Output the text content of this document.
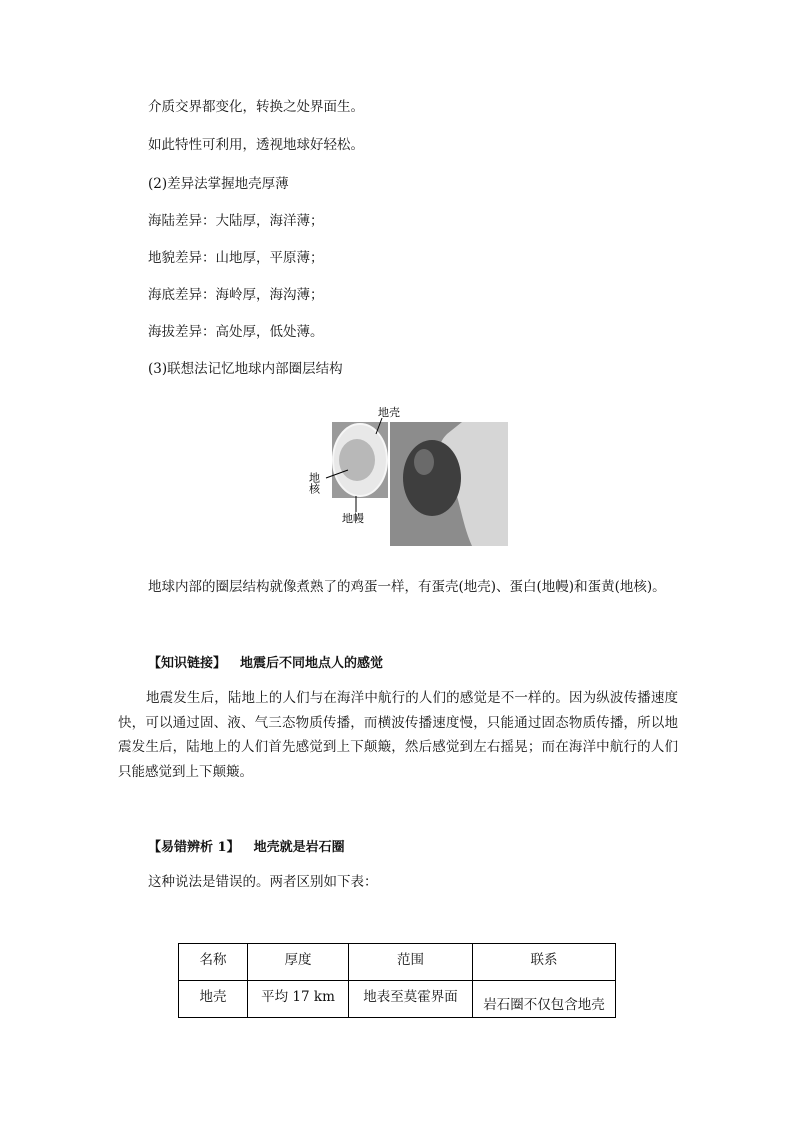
介质交界都变化，转换之处界面生。
如此特性可利用，透视地球好轻松。
(2)差异法掌握地壳厚薄
海陆差异：大陆厚，海洋薄；
地貌差异：山地厚，平原薄；
海底差异：海岭厚，海沟薄；
海拔差异：高处厚，低处薄。
(3)联想法记忆地球内部圈层结构
地壳
地核
地幔
地球内部的圈层结构就像煮熟了的鸡蛋一样，有蛋壳(地壳)、蛋白(地幔)和蛋黄(地核)。
【知识链接】 地震后不同地点人的感觉
地震发生后，陆地上的人们与在海洋中航行的人们的感觉是不一样的。因为纵波传播速度快，可以通过固、液、气三态物质传播，而横波传播速度慢，只能通过固态物质传播，所以地震发生后，陆地上的人们首先感觉到上下颠簸，然后感觉到左右摇晃；而在海洋中航行的人们只能感觉到上下颠簸。
【易错辨析 1】 地壳就是岩石圈
这种说法是错误的。两者区别如下表：
名称	厚度	范围	联系
地壳	平均 17 km	地表至莫霍界面	岩石圈不仅包含地壳
